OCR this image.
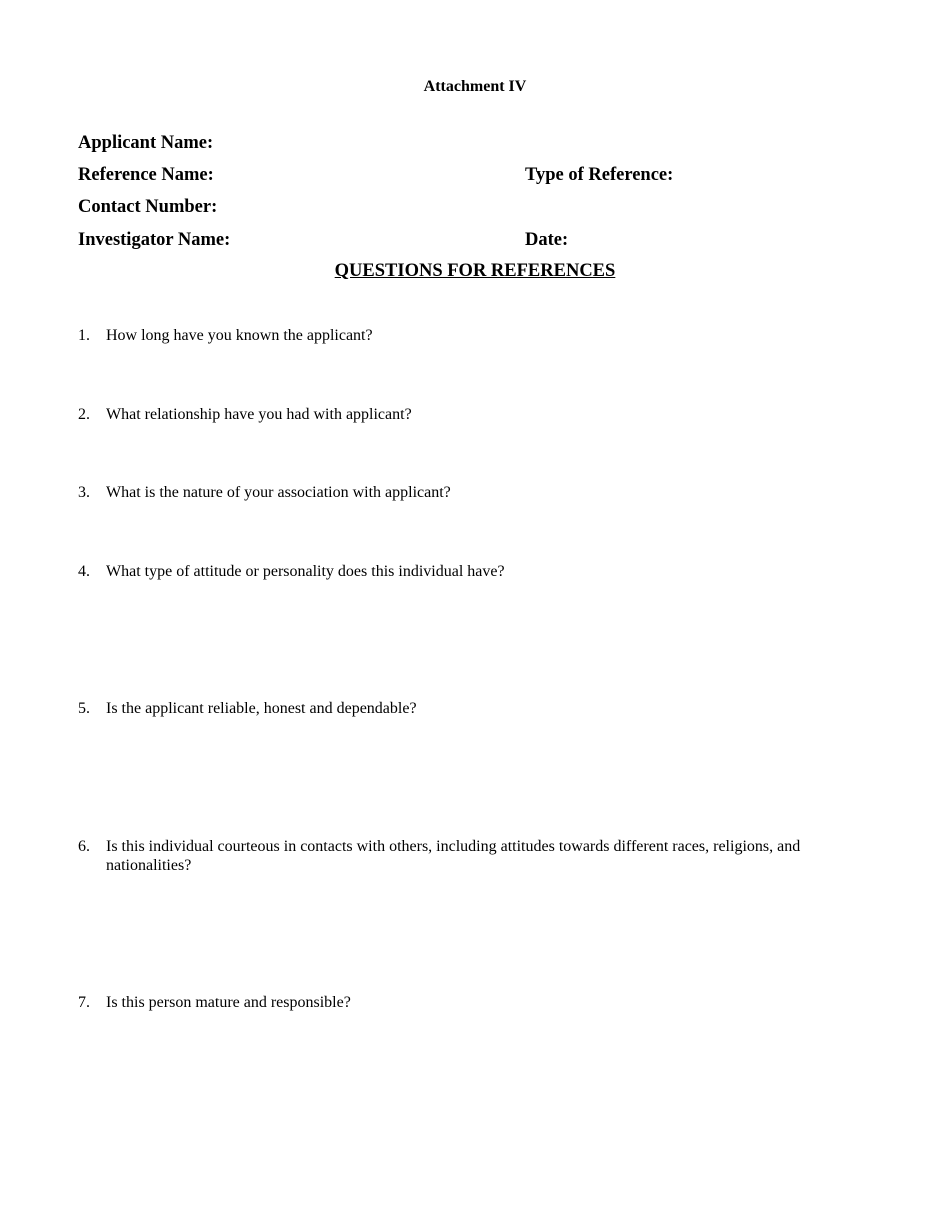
Attachment IV
Applicant Name:
Reference Name:	Type of Reference:
Contact Number:
Investigator Name:	Date:
QUESTIONS FOR REFERENCES
1.	How long have you known the applicant?
2.	What relationship have you had with applicant?
3.	What is the nature of your association with applicant?
4.	What type of attitude or personality does this individual have?
5.	Is the applicant reliable, honest and dependable?
6.	Is this individual courteous in contacts with others, including attitudes towards different races, religions, and nationalities?
7.	Is this person mature and responsible?
